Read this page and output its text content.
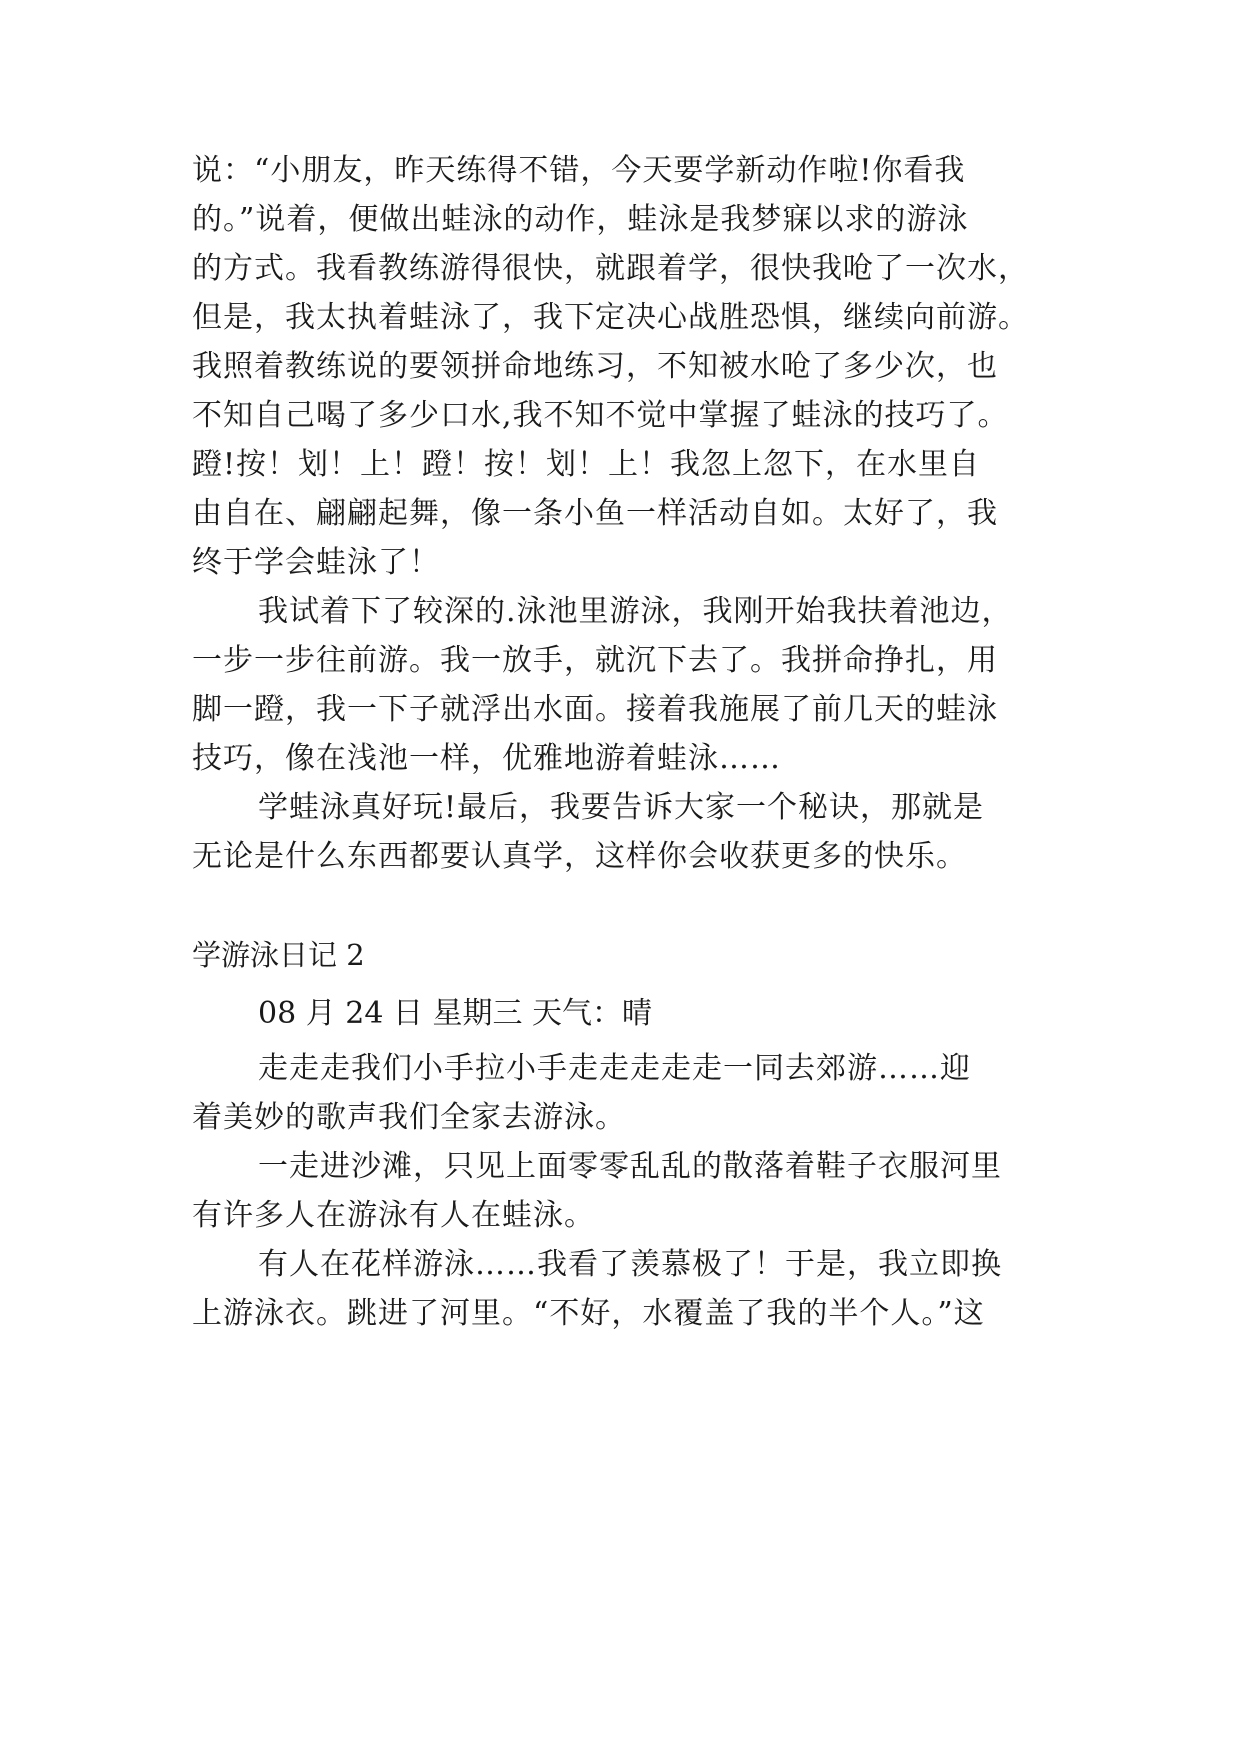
说：“小朋友，昨天练得不错，今天要学新动作啦!你看我
的。”说着，便做出蛙泳的动作，蛙泳是我梦寐以求的游泳
的方式。我看教练游得很快，就跟着学，很快我呛了一次水，
但是，我太执着蛙泳了，我下定决心战胜恐惧，继续向前游。
我照着教练说的要领拼命地练习，不知被水呛了多少次，也
不知自己喝了多少口水,我不知不觉中掌握了蛙泳的技巧了。
蹬!按！划！上！蹬！按！划！上！我忽上忽下，在水里自
由自在、翩翩起舞，像一条小鱼一样活动自如。太好了，我
终于学会蛙泳了！
我试着下了较深的.泳池里游泳，我刚开始我扶着池边，
一步一步往前游。我一放手，就沉下去了。我拼命挣扎，用
脚一蹬，我一下子就浮出水面。接着我施展了前几天的蛙泳
技巧，像在浅池一样，优雅地游着蛙泳……
学蛙泳真好玩!最后，我要告诉大家一个秘诀，那就是
无论是什么东西都要认真学，这样你会收获更多的快乐。
学游泳日记 2
08 月 24 日 星期三 天气：晴
走走走我们小手拉小手走走走走走一同去郊游……迎
着美妙的歌声我们全家去游泳。
一走进沙滩，只见上面零零乱乱的散落着鞋子衣服河里
有许多人在游泳有人在蛙泳。
有人在花样游泳……我看了羡慕极了！于是，我立即换
上游泳衣。跳进了河里。“不好，水覆盖了我的半个人。”这
